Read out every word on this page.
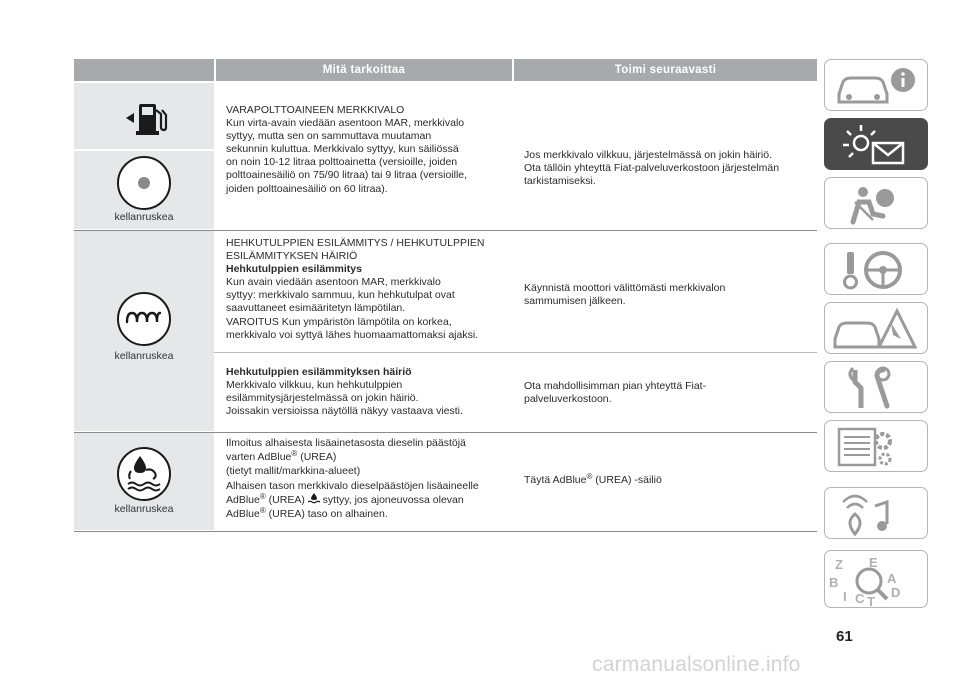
Mitä tarkoittaa	Toimi seuraavasti
kellanruskea
kellanruskea
kellanruskea
VARAPOLTTOAINEEN MERKKIVALO
Kun virta-avain viedään asentoon MAR, merkkivalo
syttyy, mutta sen on sammuttava muutaman
sekunnin kuluttua. Merkkivalo syttyy, kun säiliössä
on noin 10-12 litraa polttoainetta (versioille, joiden
polttoainesäiliö on 75/90 litraa) tai 9 litraa (versioille,
joiden polttoainesäiliö on 60 litraa).
Jos merkkivalo vilkkuu, järjestelmässä on jokin häiriö.
Ota tällöin yhteyttä Fiat-palveluverkostoon järjestelmän
tarkistamiseksi.
HEHKUTULPPIEN ESILÄMMITYS / HEHKUTULPPIEN
ESILÄMMITYKSEN HÄIRIÖ
Hehkutulppien esilämmitys
Kun avain viedään asentoon MAR, merkkivalo
syttyy: merkkivalo sammuu, kun hehkutulpat ovat
saavuttaneet esimääritetyn lämpötilan.
VAROITUS Kun ympäristön lämpötila on korkea,
merkkivalo voi syttyä lähes huomaamattomaksi ajaksi.
Käynnistä moottori välittömästi merkkivalon
sammumisen jälkeen.
Hehkutulppien esilämmityksen häiriö
Merkkivalo vilkkuu, kun hehkutulppien
esilämmitysjärjestelmässä on jokin häiriö.
Joissakin versioissa näytöllä näkyy vastaava viesti.
Ota mahdollisimman pian yhteyttä Fiat-
palveluverkostoon.
Ilmoitus alhaisesta lisäainetasosta dieselin päästöjä
varten AdBlue® (UREA)
(tietyt mallit/markkina-alueet)
Alhaisen tason merkkivalo dieselpäästöjen lisäaineelle
AdBlue® (UREA)  syttyy, jos ajoneuvossa olevan
AdBlue® (UREA) taso on alhainen.
Täytä AdBlue® (UREA) -säiliö
Z E
B	A
I C T
D
61
carmanualsonline.info
